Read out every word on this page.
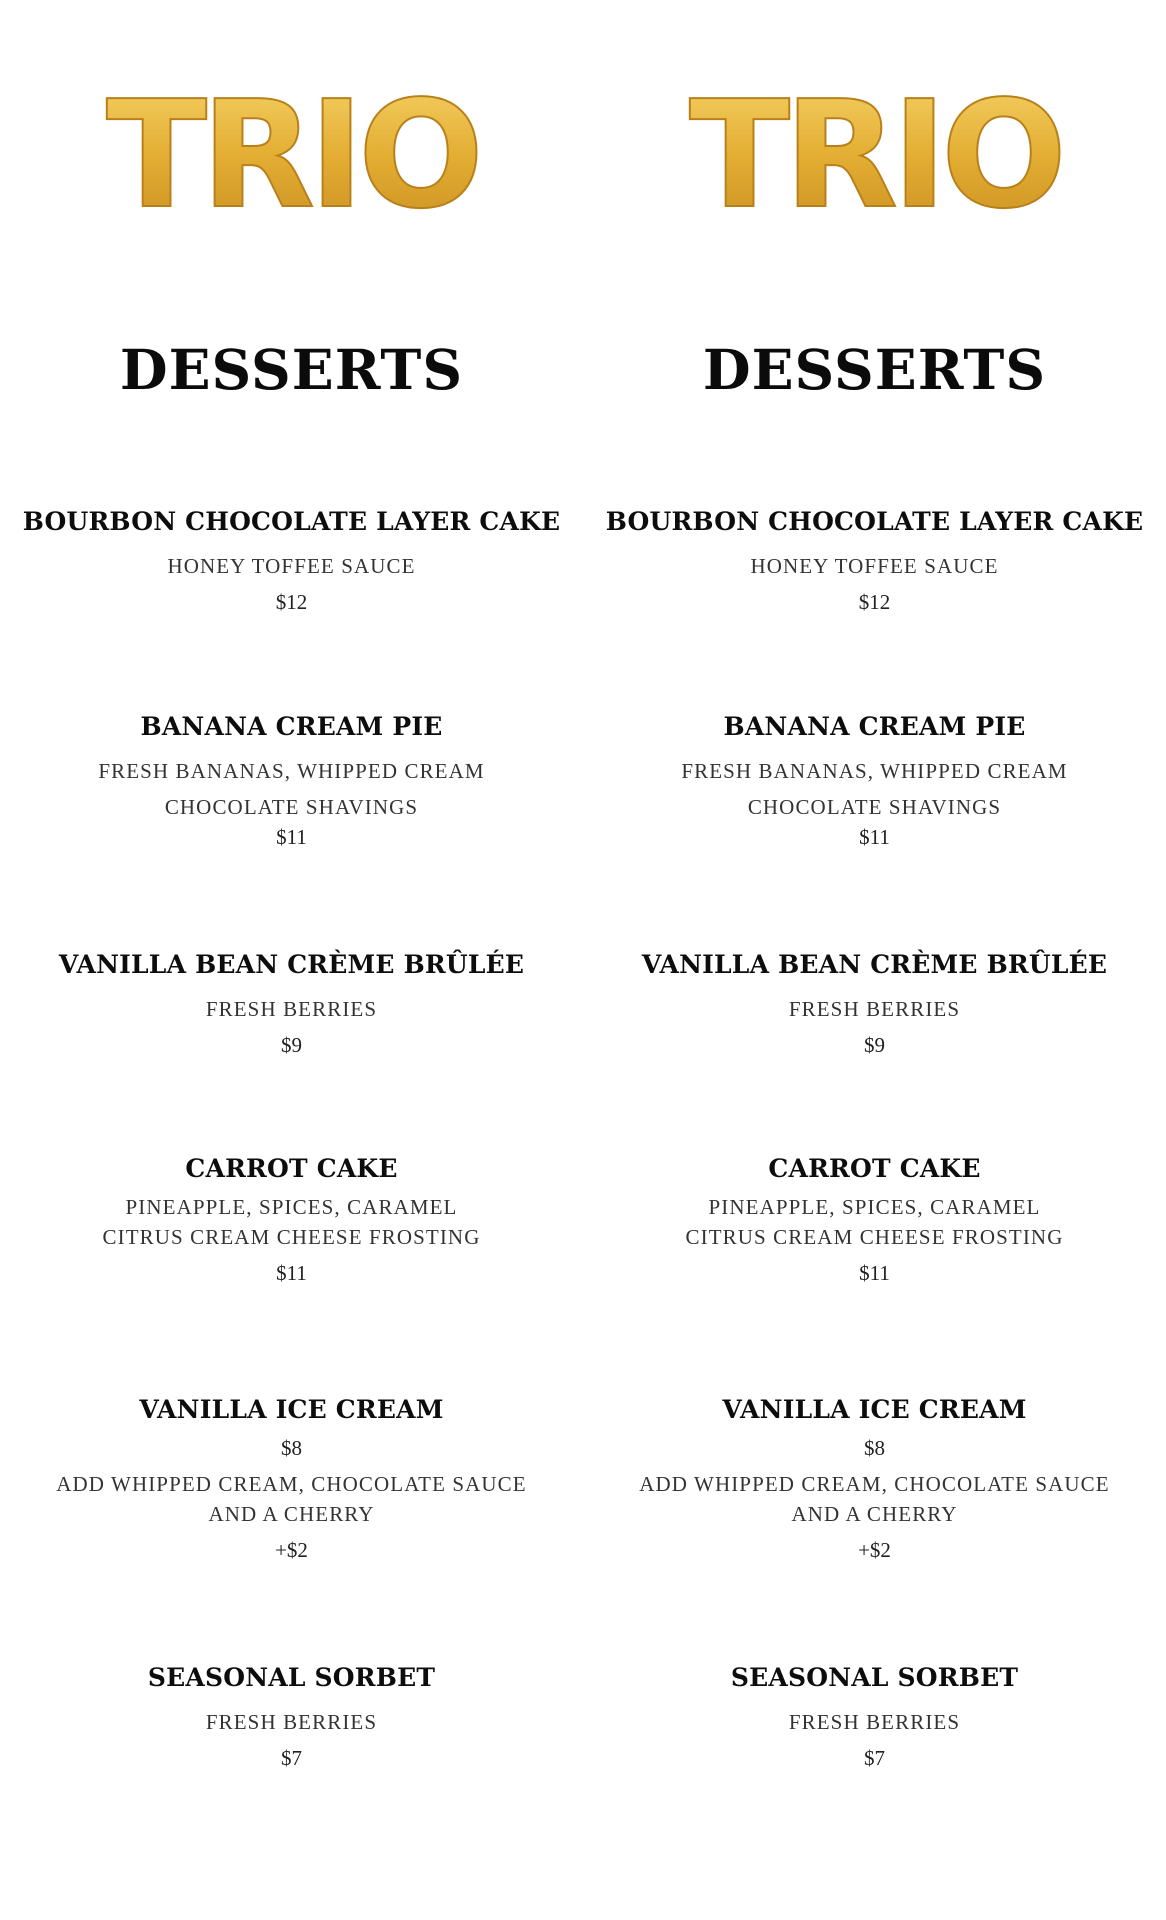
TRIO
DESSERTS
BOURBON CHOCOLATE LAYER CAKE
HONEY TOFFEE SAUCE
$12
BANANA CREAM PIE
FRESH BANANAS, WHIPPED CREAM
CHOCOLATE SHAVINGS
$11
VANILLA BEAN CRÈME BRÛLÉE
FRESH BERRIES
$9
CARROT CAKE
PINEAPPLE, SPICES, CARAMEL
CITRUS CREAM CHEESE FROSTING
$11
VANILLA ICE CREAM
$8
ADD WHIPPED CREAM, CHOCOLATE SAUCE
AND A CHERRY
+$2
SEASONAL SORBET
FRESH BERRIES
$7
TRIO
DESSERTS
BOURBON CHOCOLATE LAYER CAKE
HONEY TOFFEE SAUCE
$12
BANANA CREAM PIE
FRESH BANANAS, WHIPPED CREAM
CHOCOLATE SHAVINGS
$11
VANILLA BEAN CRÈME BRÛLÉE
FRESH BERRIES
$9
CARROT CAKE
PINEAPPLE, SPICES, CARAMEL
CITRUS CREAM CHEESE FROSTING
$11
VANILLA ICE CREAM
$8
ADD WHIPPED CREAM, CHOCOLATE SAUCE
AND A CHERRY
+$2
SEASONAL SORBET
FRESH BERRIES
$7
